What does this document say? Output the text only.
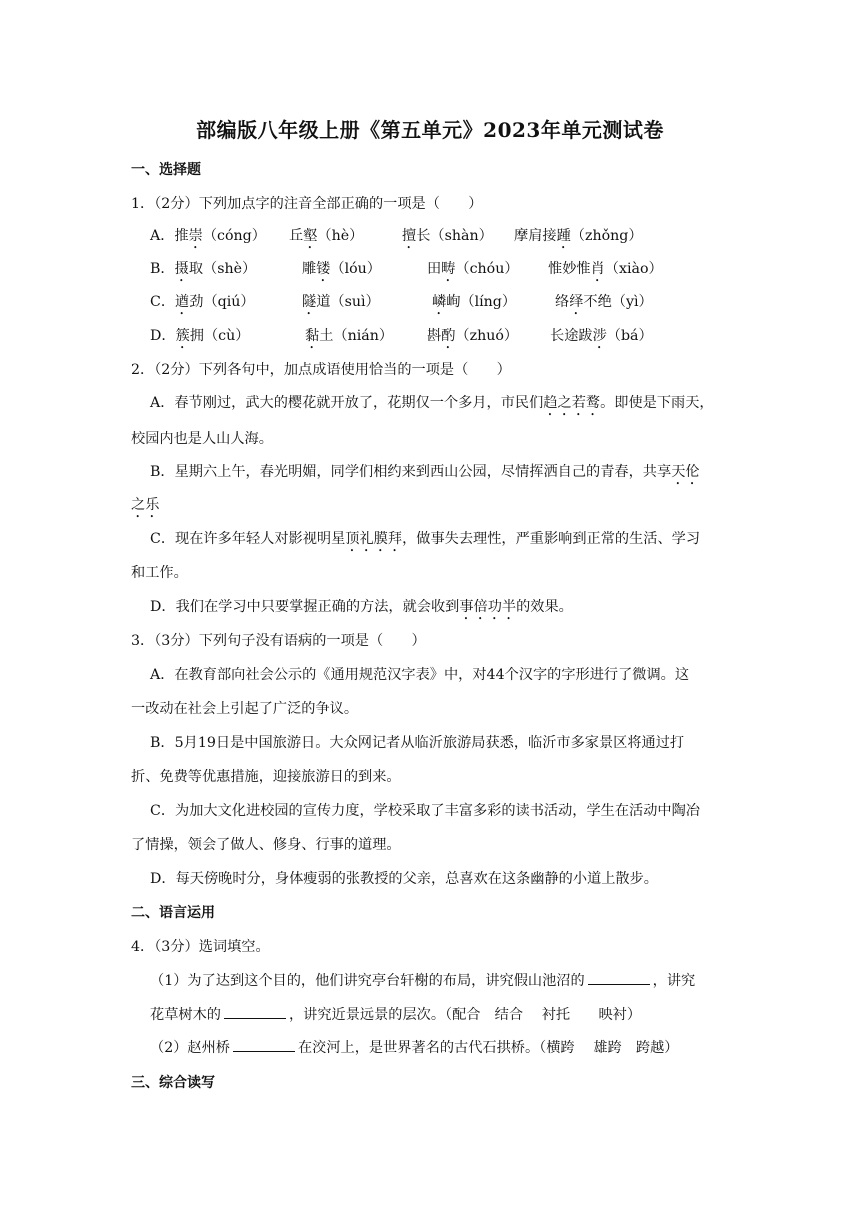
部编版八年级上册《第五单元》2023年单元测试卷
一、选择题
1．（2分）下列加点字的注音全部正确的一项是（　　）
A．推崇（cóng） 丘壑（hè）	擅长（shàn） 摩肩接踵（zhǒng）
B．摄取（shè）	雕镂（lóu）	田畴（chóu） 惟妙惟肖（xiào）
C．遒劲（qiú）	隧道（suì）	嶙峋（líng）	络绎不绝（yì）
D．簇拥（cù）	黏土（nián） 斟酌（zhuó） 长途跋涉（bá）
2．（2分）下列各句中，加点成语使用恰当的一项是（　　）
A．春节刚过，武大的樱花就开放了，花期仅一个多月，市民们趋之若鹜。即使是下雨天，
校园内也是人山人海。
B．星期六上午，春光明媚，同学们相约来到西山公园，尽情挥洒自己的青春，共享天伦
之乐
C．现在许多年轻人对影视明星顶礼膜拜，做事失去理性，严重影响到正常的生活、学习
和工作。
D．我们在学习中只要掌握正确的方法，就会收到事倍功半的效果。
3．（3分）下列句子没有语病的一项是（　　）
A．在教育部向社会公示的《通用规范汉字表》中，对44个汉字的字形进行了微调。这
一改动在社会上引起了广泛的争议。
B．5月19日是中国旅游日。大众网记者从临沂旅游局获悉，临沂市多家景区将通过打
折、免费等优惠措施，迎接旅游日的到来。
C．为加大文化进校园的宣传力度，学校采取了丰富多彩的读书活动，学生在活动中陶冶
了情操，领会了做人、修身、行事的道理。
D．每天傍晚时分，身体瘦弱的张教授的父亲，总喜欢在这条幽静的小道上散步。
二、语言运用
4．（3分）选词填空。
（1）为了达到这个目的，他们讲究亭台轩榭的布局，讲究假山池沼的	，讲究
花草树木的	，讲究近景远景的层次。（配合　结合　 衬托　　映衬）
（2）赵州桥	在洨河上，是世界著名的古代石拱桥。（横跨　 雄跨　跨越）
三、综合读写
